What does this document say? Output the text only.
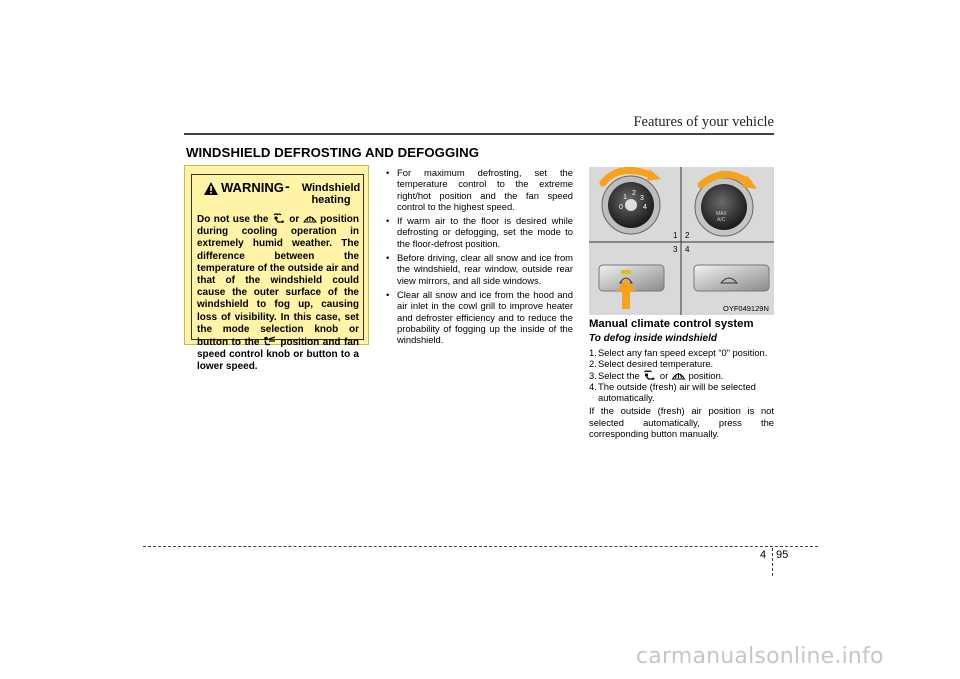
Features of your vehicle
WINDSHIELD DEFROSTING AND DEFOGGING
WARNING -	Windshield heating
Do not use the or position during cooling operation in extremely humid weather. The difference between the temperature of the outside air and that of the windshield could cause the outer surface of the windshield to fog up, causing loss of visibility. In this case, set the mode selection knob or button to the position and fan speed control knob or button to a lower speed.
• For maximum defrosting, set the temperature control to the extreme right/hot position and the fan speed control to the highest speed.
• If warm air to the floor is desired while defrosting or defogging, set the mode to the floor-defrost position.
• Before driving, clear all snow and ice from the windshield, rear window, outside rear view mirrors, and all side windows.
• Clear all snow and ice from the hood and air inlet in the cowl grill to improve heater and defroster efficiency and to reduce the probability of fogging up the inside of the windshield.
0
1
2
3
4
MAX
A/C
1 2
3 4
OYF049129N
Manual climate control system
To defog inside windshield
1. Select any fan speed except “0” position.
2. Select desired temperature.
3. Select the or position.
4. The outside (fresh) air will be selected automatically.

If the outside (fresh) air position is not selected automatically, press the corresponding button manually.

4 95
carmanualsonline.info
